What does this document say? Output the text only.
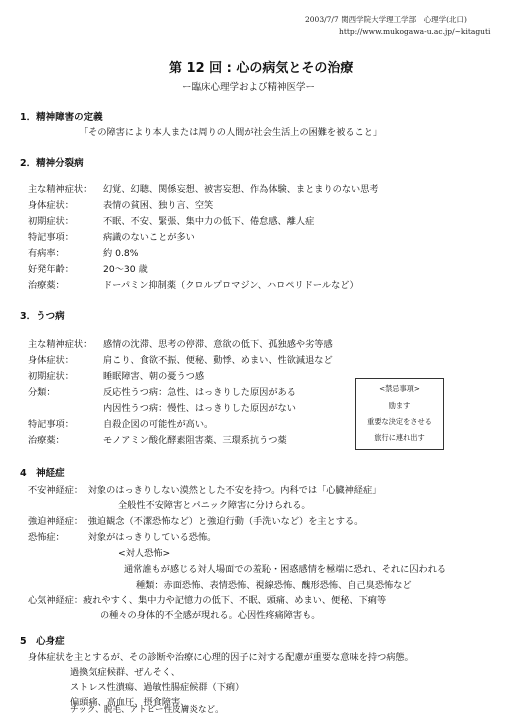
2003/7/7 関西学院大学理工学部　心理学(北口)
http://www.mukogawa-u.ac.jp/~kitaguti
第 12 回 : 心の病気とその治療
ー臨床心理学および精神医学ー
1．精神障害の定義
「その障害により本人または周りの人間が社会生活上の困難を被ること」
2．精神分裂病
主な精神症状： 幻覚、幻聴、関係妄想、被害妄想、作為体験、まとまりのない思考
身体症状：	表情の貧困、独り言、空笑
初期症状：	不眠、不安、緊張、集中力の低下、倦怠感、離人症
特記事項：	病識のないことが多い
有病率：	約 0.8%
好発年齢：	20〜30 歳
治療薬：	ドーパミン抑制薬（クロルプロマジン、ハロペリドールなど）
3．うつ病
主な精神症状： 感情の沈滞、思考の停滞、意欲の低下、孤独感や劣等感
身体症状：	肩こり、食欲不振、便秘、動悸、めまい、性欲減退など
初期症状：	睡眠障害、朝の憂うつ感
分類：	反応性うつ病：急性、はっきりした原因がある
内因性うつ病：慢性、はっきりした原因がない
特記事項：	自殺企図の可能性が高い。
治療薬：	モノアミン酸化酵素阻害薬、三環系抗うつ薬
<禁忌事項>
励ます
重要な決定をさせる
旅行に連れ出す
4　神経症
不安神経症：　対象のはっきりしない漠然とした不安を持つ。内科では「心臓神経症」
全般性不安障害とパニック障害に分けられる。
強迫神経症：　強迫観念（不潔恐怖など）と強迫行動（手洗いなど）を主とする。
恐怖症：　　　対象がはっきりしている恐怖。
<対人恐怖>
通常誰もが感じる対人場面での羞恥・困惑感情を極端に恐れ、それに囚われる
種類：赤面恐怖、表情恐怖、視線恐怖、醜形恐怖、自己臭恐怖など
心気神経症：疲れやすく、集中力や記憶力の低下、不眠、頭痛、めまい、便秘、下痢等
の種々の身体的不全感が現れる。心因性疼痛障害も。
5　心身症
身体症状を主とするが、その診断や治療に心理的因子に対する配慮が重要な意味を持つ病態。
過換気症候群、ぜんそく、
ストレス性潰瘍、過敏性腸症候群（下痢）
偏頭痛、高血圧、摂食障害、
チック、脱毛、アトピー性皮膚炎など。
